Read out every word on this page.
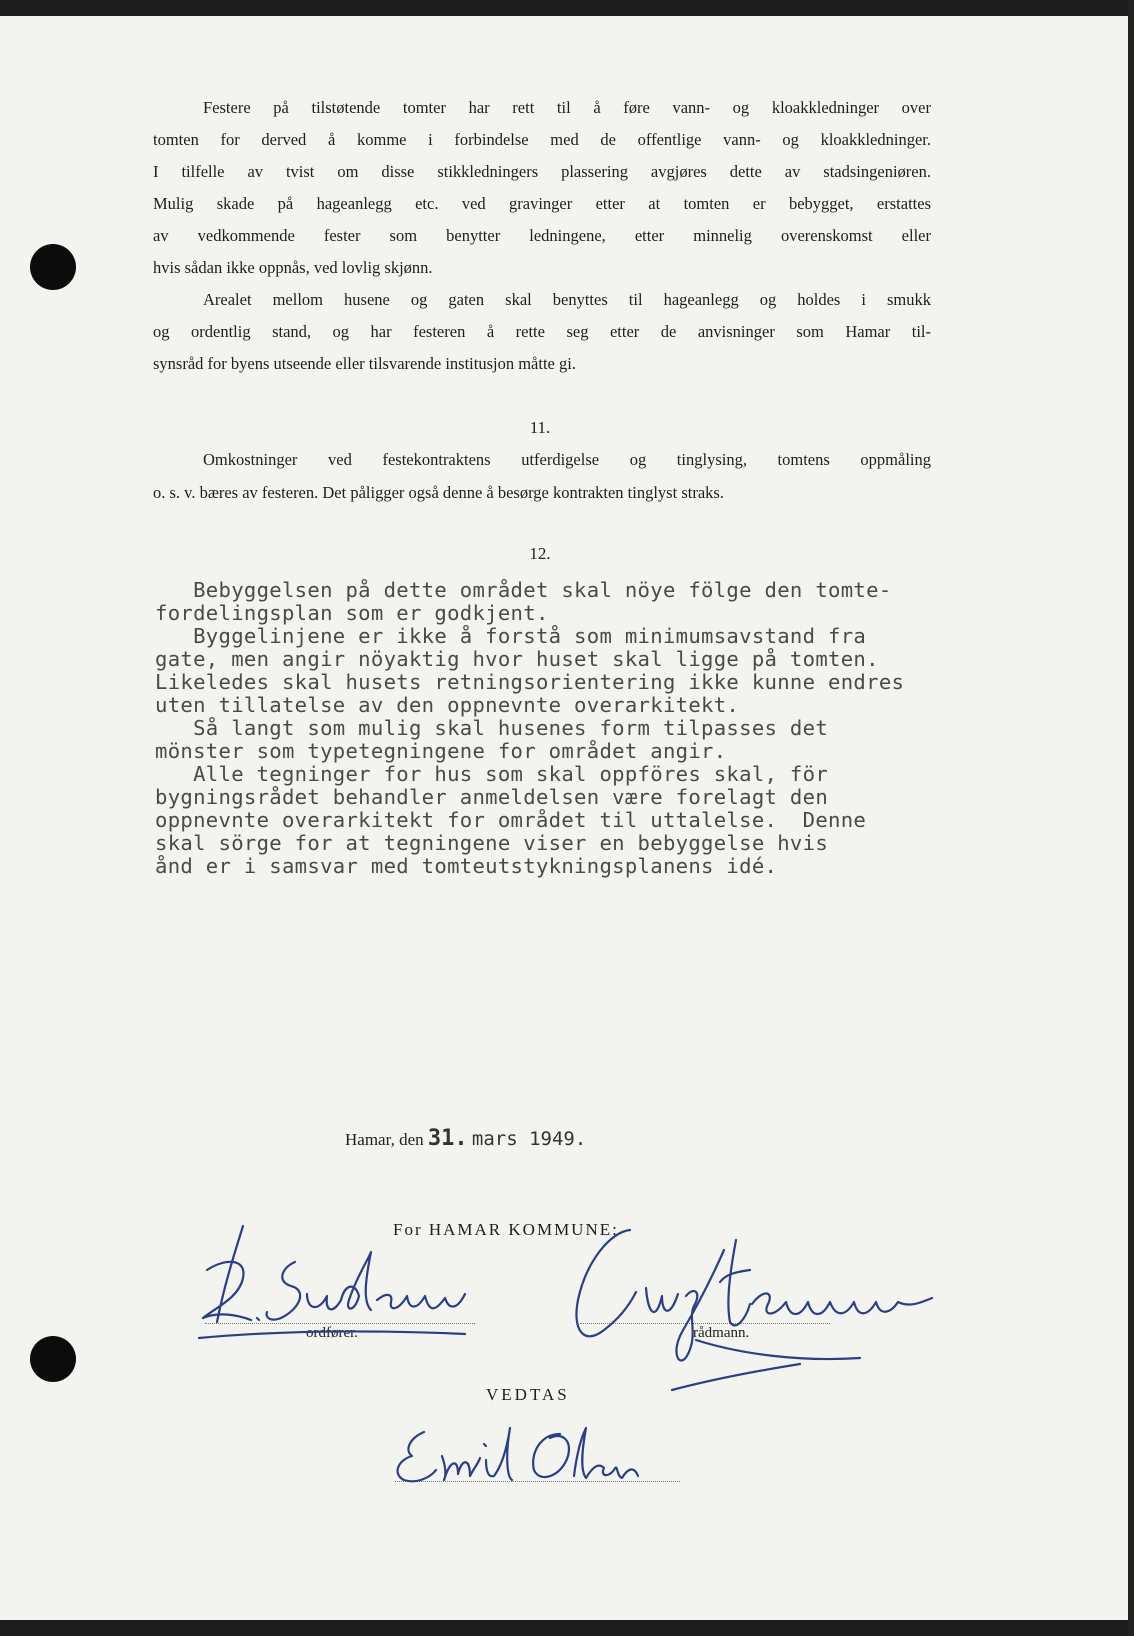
Festere på tilstøtende tomter har rett til å føre vann- og kloakkledninger over
tomten for derved å komme i forbindelse med de offentlige vann- og kloakkledninger.
I tilfelle av tvist om disse stikkledningers plassering avgjøres dette av stadsingeniøren.
Mulig skade på hageanlegg etc. ved gravinger etter at tomten er bebygget, erstattes
av vedkommende fester som benytter ledningene, etter minnelig overenskomst eller
hvis sådan ikke oppnås, ved lovlig skjønn.
Arealet mellom husene og gaten skal benyttes til hageanlegg og holdes i smukk
og ordentlig stand, og har festeren å rette seg etter de anvisninger som Hamar til-
synsråd for byens utseende eller tilsvarende institusjon måtte gi.
11.
Omkostninger ved festekontraktens utferdigelse og tinglysing, tomtens oppmåling
o. s. v. bæres av festeren. Det påligger også denne å besørge kontrakten tinglyst straks.
12.
Bebyggelsen på dette området skal nöye fölge den tomte-
fordelingsplan som er godkjent.
Byggelinjene er ikke å forstå som minimumsavstand fra
gate, men angir nöyaktig hvor huset skal ligge på tomten.
Likeledes skal husets retningsorientering ikke kunne endres
uten tillatelse av den oppnevnte overarkitekt.
Så langt som mulig skal husenes form tilpasses det
mönster som typetegningene for området angir.
Alle tegninger for hus som skal oppföres skal, för
bygningsrådet behandler anmeldelsen være forelagt den
oppnevnte overarkitekt for området til uttalelse.  Denne
skal sörge for at tegningene viser en bebyggelse hvis
ånd er i samsvar med tomteutstykningsplanens idé.
Hamar, den 31. mars 1949.
For HAMAR KOMMUNE:
ordfører.	rådmann.
VEDTAS
